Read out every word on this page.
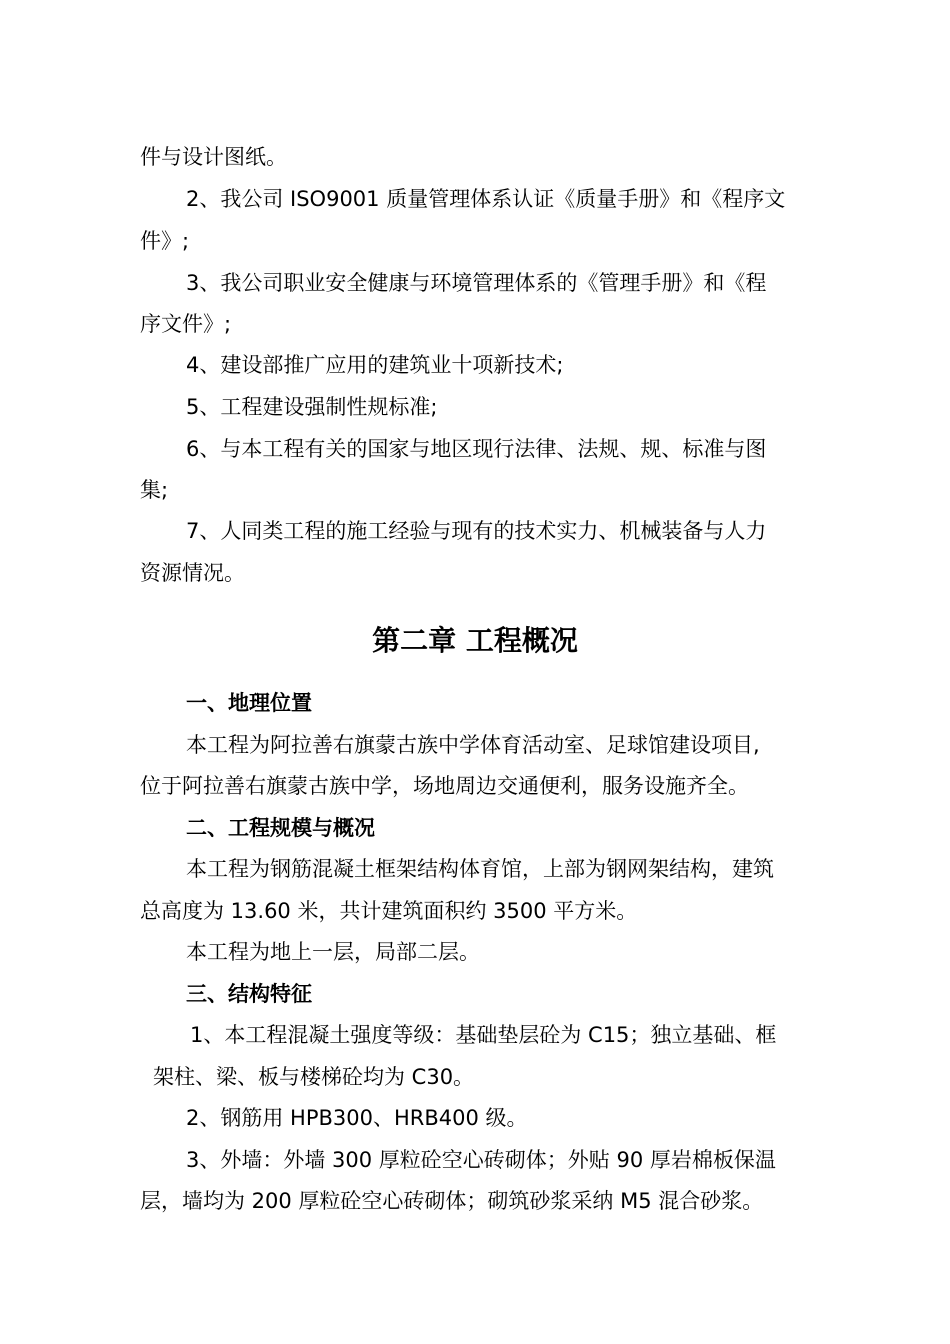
件与设计图纸。
2、我公司 ISO9001 质量管理体系认证《质量手册》和《程序文
件》;
3、我公司职业安全健康与环境管理体系的《管理手册》和《程
序文件》;
4、建设部推广应用的建筑业十项新技术;
5、工程建设强制性规标准;
6、与本工程有关的国家与地区现行法律、法规、规、标准与图
集;
7、人同类工程的施工经验与现有的技术实力、机械装备与人力
资源情况。
第二章 工程概况
一、地理位置
本工程为阿拉善右旗蒙古族中学体育活动室、足球馆建设项目,
位于阿拉善右旗蒙古族中学，场地周边交通便利，服务设施齐全。
二、工程规模与概况
本工程为钢筋混凝土框架结构体育馆，上部为钢网架结构，建筑
总高度为 13.60 米，共计建筑面积约 3500 平方米。
本工程为地上一层，局部二层。
三、结构特征
1、本工程混凝土强度等级：基础垫层砼为 C15；独立基础、框
架柱、梁、板与楼梯砼均为 C30。
2、钢筋用 HPB300、HRB400 级。
3、外墙：外墙 300 厚粒砼空心砖砌体；外贴 90 厚岩棉板保温
层，墙均为 200 厚粒砼空心砖砌体；砌筑砂浆采纳 M5 混合砂浆。
